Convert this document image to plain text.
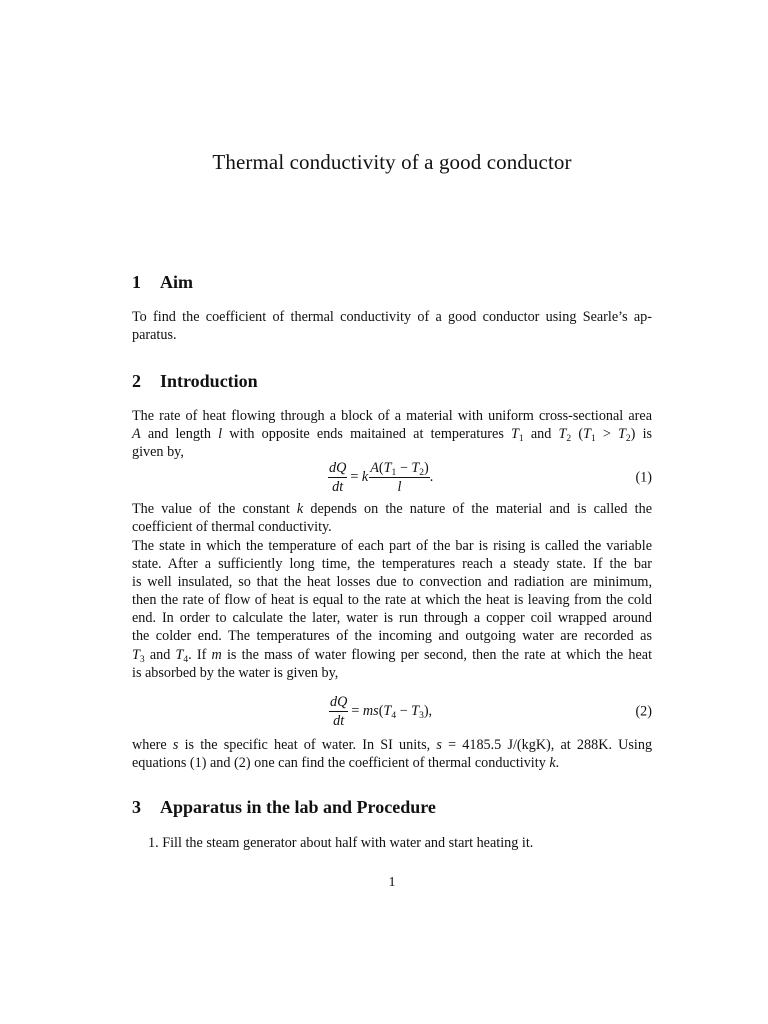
Thermal conductivity of a good conductor
1 Aim
To find the coefficient of thermal conductivity of a good conductor using Searle’s ap-
paratus.
2 Introduction
The rate of heat flowing through a block of a material with uniform cross-sectional area
A and length l with opposite ends maitained at temperatures $T_1$ and $T_2$ $(T_1 > T_2)$ is
given by,
$\frac{dQ}{dt} = k \frac{A(T_1 - T_2)}{l}$ .	(1)
The value of the constant k depends on the nature of the material and is called the
coefficient of thermal conductivity.
The state in which the temperature of each part of the bar is rising is called the variable
state. After a sufficiently long time, the temperatures reach a steady state. If the bar
is well insulated, so that the heat losses due to convection and radiation are minimum,
then the rate of flow of heat is equal to the rate at which the heat is leaving from the cold
end. In order to calculate the later, water is run through a copper coil wrapped around
the colder end. The temperatures of the incoming and outgoing water are recorded as
$T_3$ and $T_4$. If m is the mass of water flowing per second, then the rate at which the heat
is absorbed by the water is given by,
$\frac{dQ}{dt} = ms(T_4 - T_3)$,	(2)
where s is the specific heat of water. In SI units, s = 4185.5 J/(kgK), at 288K. Using
equations (1) and (2) one can find the coefficient of thermal conductivity k.
3 Apparatus in the lab and Procedure
1. Fill the steam generator about half with water and start heating it.
1
